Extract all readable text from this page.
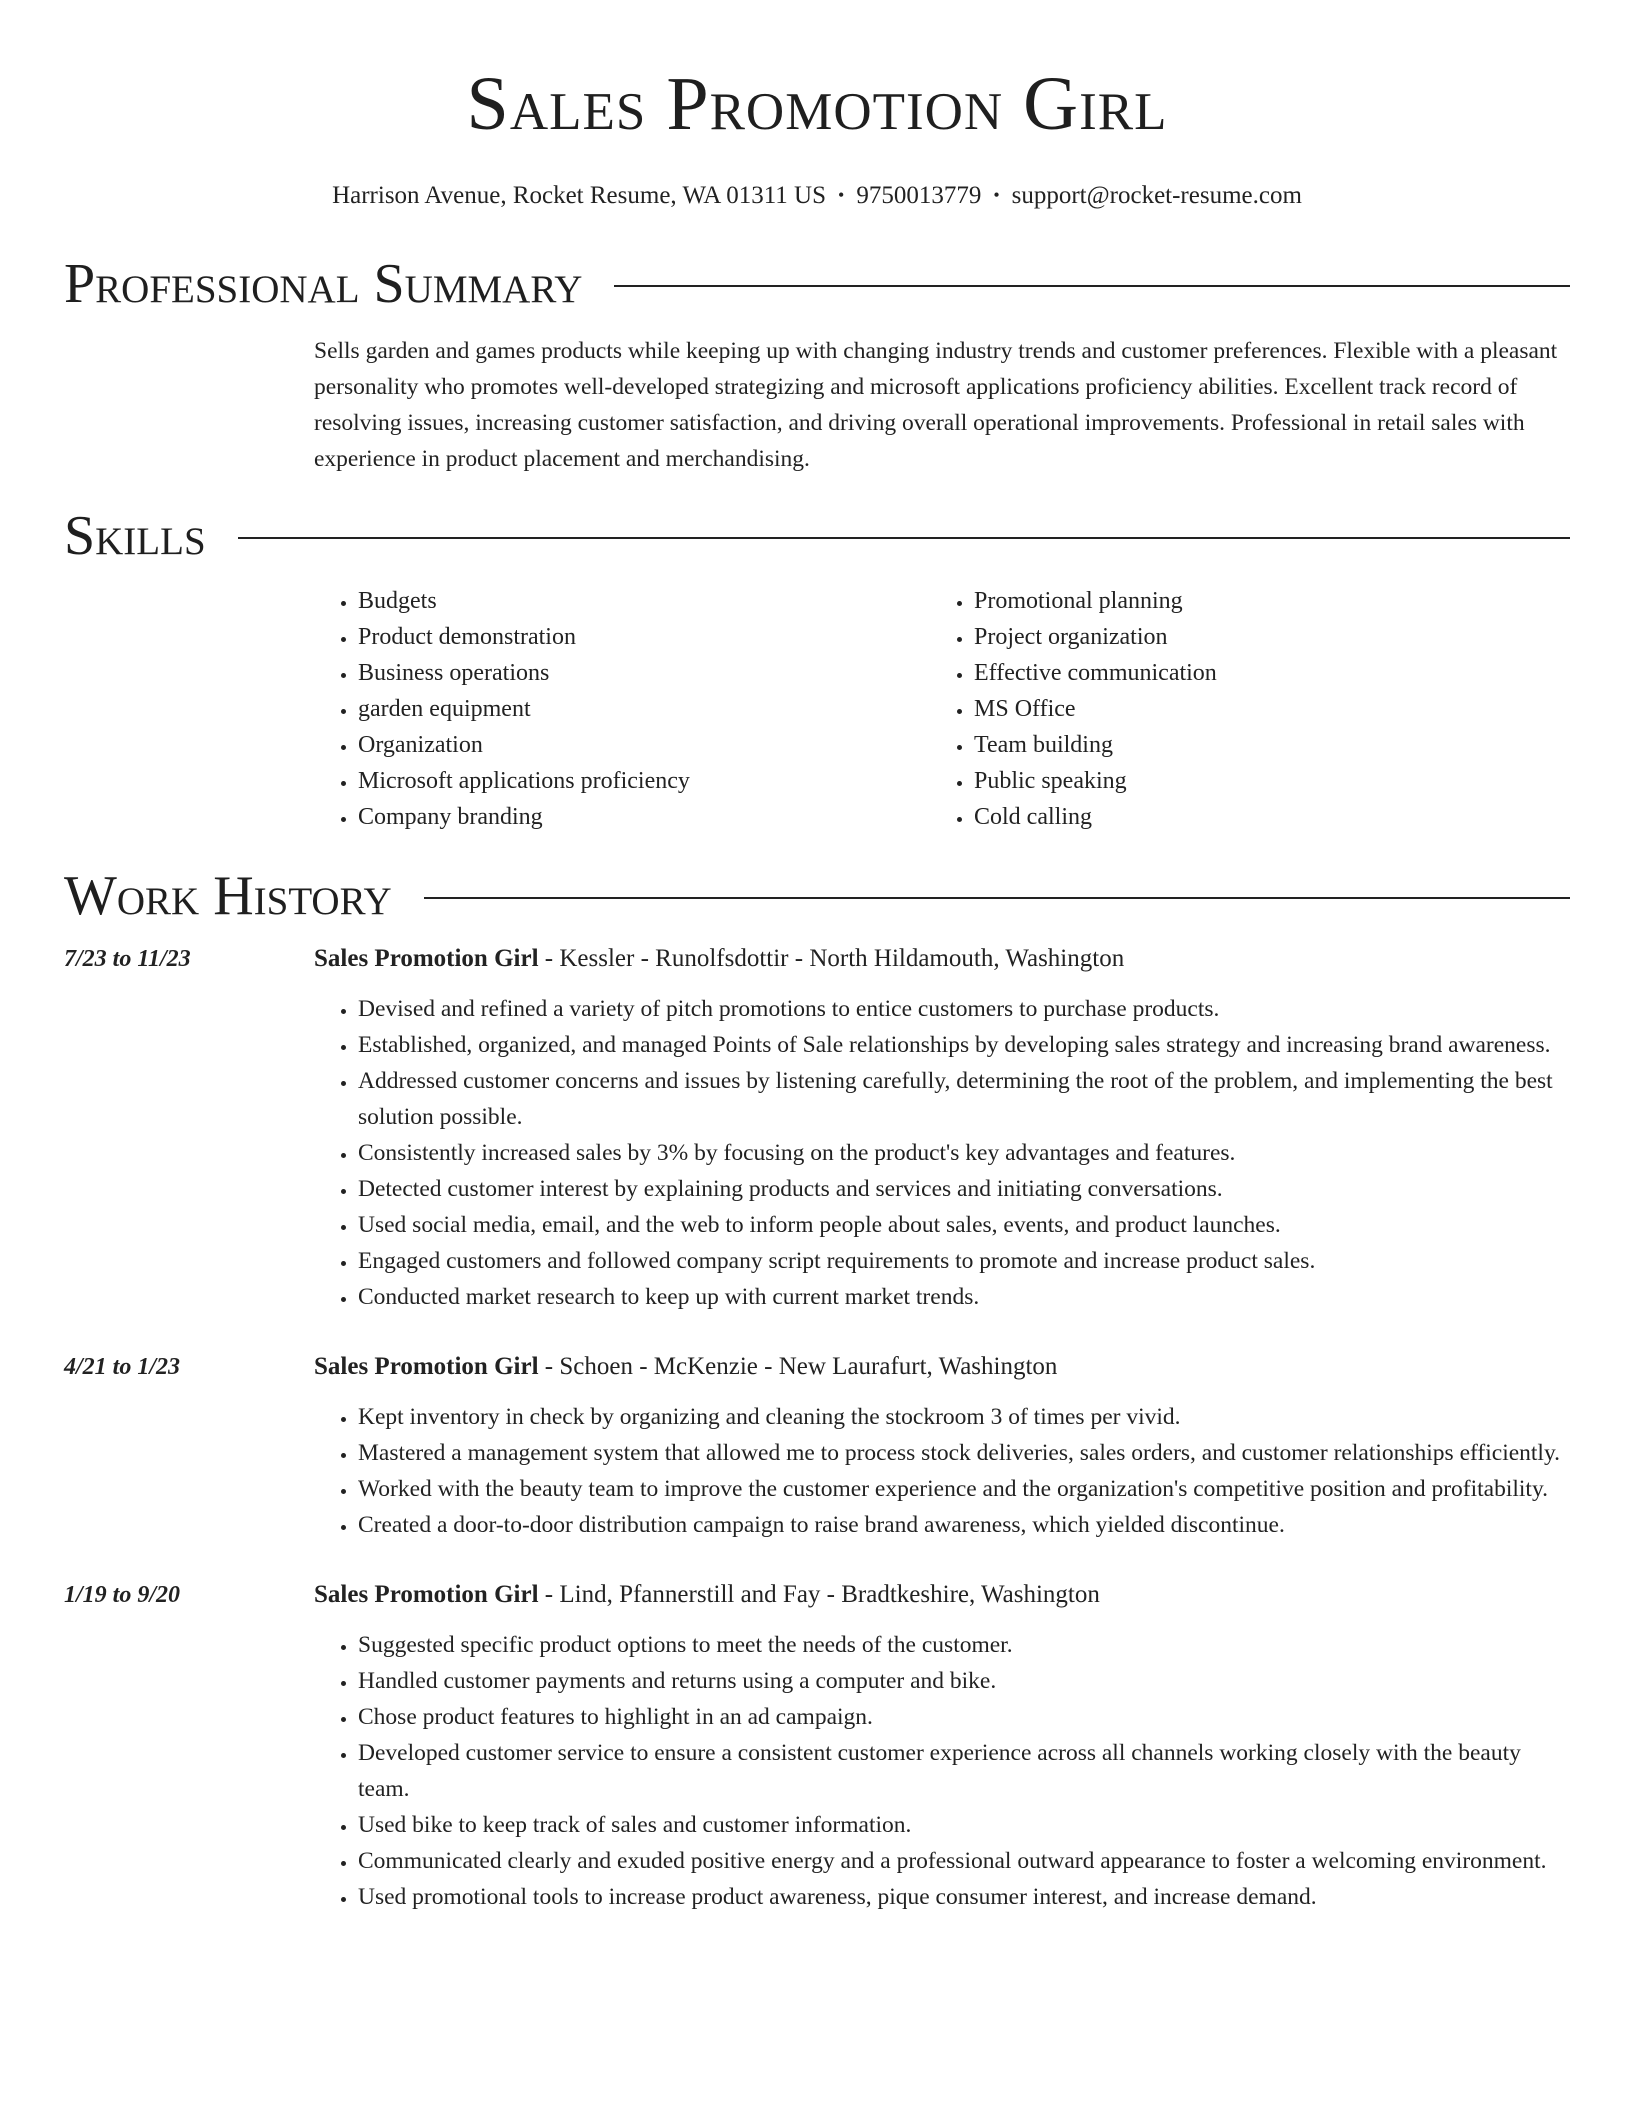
Sales Promotion Girl
Harrison Avenue, Rocket Resume, WA 01311 US • 9750013779 • support@rocket-resume.com
Professional Summary
Sells garden and games products while keeping up with changing industry trends and customer preferences. Flexible with a pleasant personality who promotes well-developed strategizing and microsoft applications proficiency abilities. Excellent track record of resolving issues, increasing customer satisfaction, and driving overall operational improvements. Professional in retail sales with experience in product placement and merchandising.
Skills
• Budgets
• Product demonstration
• Business operations
• garden equipment
• Organization
• Microsoft applications proficiency
• Company branding
• Promotional planning
• Project organization
• Effective communication
• MS Office
• Team building
• Public speaking
• Cold calling
Work History
7/23 to 11/23	Sales Promotion Girl - Kessler - Runolfsdottir - North Hildamouth, Washington
• Devised and refined a variety of pitch promotions to entice customers to purchase products.
• Established, organized, and managed Points of Sale relationships by developing sales strategy and increasing brand awareness.
• Addressed customer concerns and issues by listening carefully, determining the root of the problem, and implementing the best solution possible.
• Consistently increased sales by 3% by focusing on the product's key advantages and features.
• Detected customer interest by explaining products and services and initiating conversations.
• Used social media, email, and the web to inform people about sales, events, and product launches.
• Engaged customers and followed company script requirements to promote and increase product sales.
• Conducted market research to keep up with current market trends.
4/21 to 1/23	Sales Promotion Girl - Schoen - McKenzie - New Laurafurt, Washington
• Kept inventory in check by organizing and cleaning the stockroom 3 of times per vivid.
• Mastered a management system that allowed me to process stock deliveries, sales orders, and customer relationships efficiently.
• Worked with the beauty team to improve the customer experience and the organization's competitive position and profitability.
• Created a door-to-door distribution campaign to raise brand awareness, which yielded discontinue.
1/19 to 9/20	Sales Promotion Girl - Lind, Pfannerstill and Fay - Bradtkeshire, Washington
• Suggested specific product options to meet the needs of the customer.
• Handled customer payments and returns using a computer and bike.
• Chose product features to highlight in an ad campaign.
• Developed customer service to ensure a consistent customer experience across all channels working closely with the beauty team.
• Used bike to keep track of sales and customer information.
• Communicated clearly and exuded positive energy and a professional outward appearance to foster a welcoming environment.
• Used promotional tools to increase product awareness, pique consumer interest, and increase demand.
